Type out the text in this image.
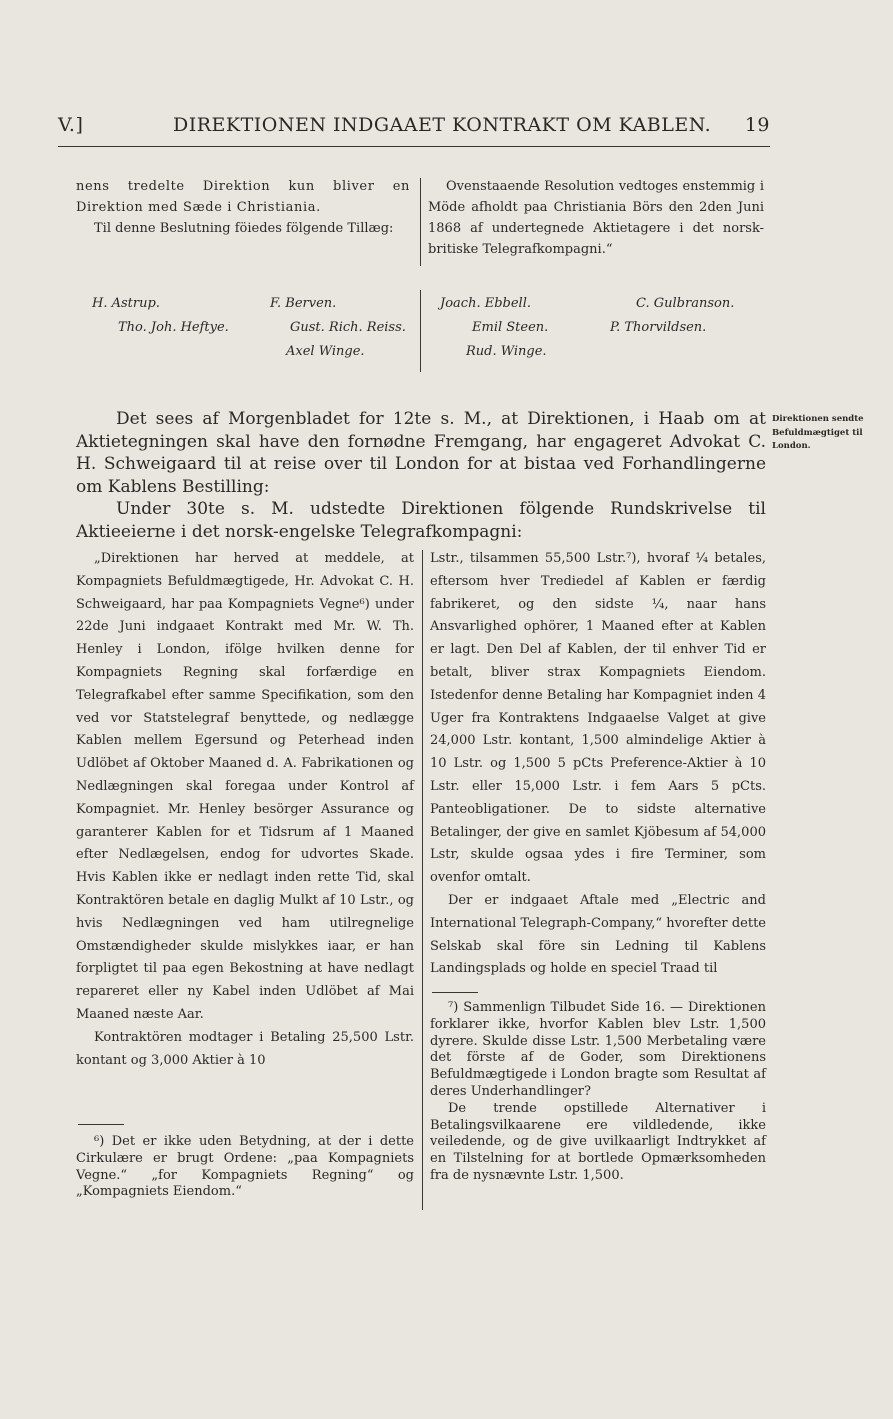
V.]	DIREKTIONEN INDGAAET KONTRAKT OM KABLEN. 19

nens tredelte Direktion kun bliver en Direktion med Sæde i Christiania.

Til denne Beslutning föiedes fölgende Tillæg:

Ovenstaaende Resolution vedtoges enstemmig i Möde afholdt paa Christiania Börs den 2den Juni 1868 af undertegnede Aktietagere i det norsk-britiske Telegrafkompagni.“

H. Astrup.	F. Berven.	Joach. Ebbell.	C. Gulbranson.
Tho. Joh. Heftye.	Gust. Rich. Reiss.	Emil Steen.	P. Thorvildsen.
Axel Winge.	Rud. Winge.

Det sees af Morgenbladet for 12te s. M., at Direktionen, i Haab om at Aktietegningen skal have den fornødne Fremgang, har engageret Advokat C. H. Schweigaard til at reise over til London for at bistaa ved Forhandlingerne om Kablens Bestilling:

Under 30te s. M. udstedte Direktionen fölgende Rundskrivelse til Aktieeierne i det norsk-engelske Telegrafkompagni:

Direktionen sendte Befuldmægtiget til London.

„Direktionen har herved at meddele, at Kompagniets Befuldmægtigede, Hr. Advokat C. H. Schweigaard, har paa Kompagniets Vegne⁶) under 22de Juni indgaaet Kontrakt med Mr. W. Th. Henley i London, ifölge hvilken denne for Kompagniets Regning skal forfærdige en Telegrafkabel efter samme Specifikation, som den ved vor Statstelegraf benyttede, og nedlægge Kablen mellem Egersund og Peterhead inden Udlöbet af Oktober Maaned d. A. Fabrikationen og Nedlægningen skal foregaa under Kontrol af Kompagniet. Mr. Henley besörger Assurance og garanterer Kablen for et Tidsrum af 1 Maaned efter Nedlægelsen, endog for udvortes Skade. Hvis Kablen ikke er nedlagt inden rette Tid, skal Kontraktören betale en daglig Mulkt af 10 Lstr., og hvis Nedlægningen ved ham utilregnelige Omstændigheder skulde mislykkes iaar, er han forpligtet til paa egen Bekostning at have nedlagt repareret eller ny Kabel inden Udlöbet af Mai Maaned næste Aar.

Kontraktören modtager i Betaling 25,500 Lstr. kontant og 3,000 Aktier à 10

⁶) Det er ikke uden Betydning, at der i dette Cirkulære er brugt Ordene: „paa Kompagniets Vegne.“ „for Kompagniets Regning“ og „Kompagniets Eiendom.“

Lstr., tilsammen 55,500 Lstr.⁷), hvoraf ¼ betales, eftersom hver Trediedel af Kablen er færdig fabrikeret, og den sidste ¼, naar hans Ansvarlighed ophörer, 1 Maaned efter at Kablen er lagt. Den Del af Kablen, der til enhver Tid er betalt, bliver strax Kompagniets Eiendom. Istedenfor denne Betaling har Kompagniet inden 4 Uger fra Kontraktens Indgaaelse Valget at give 24,000 Lstr. kontant, 1,500 almindelige Aktier à 10 Lstr. og 1,500 5 pCts Preference-Aktier à 10 Lstr. eller 15,000 Lstr. i fem Aars 5 pCts. Panteobligationer. De to sidste alternative Betalinger, der give en samlet Kjöbesum af 54,000 Lstr, skulde ogsaa ydes i fire Terminer, som ovenfor omtalt.

Der er indgaaet Aftale med „Electric and International Telegraph-Company,“ hvorefter dette Selskab skal före sin Ledning til Kablens Landingsplads og holde en speciel Traad til

⁷) Sammenlign Tilbudet Side 16. — Direktionen forklarer ikke, hvorfor Kablen blev Lstr. 1,500 dyrere. Skulde disse Lstr. 1,500 Merbetaling være det förste af de Goder, som Direktionens Befuldmægtigede i London bragte som Resultat af deres Underhandlinger?

De trende opstillede Alternativer i Betalingsvilkaarene ere vildledende, ikke veiledende, og de give uvilkaarligt Indtrykket af en Tilstelning for at bortlede Opmærksomheden fra de nysnævnte Lstr. 1,500.
